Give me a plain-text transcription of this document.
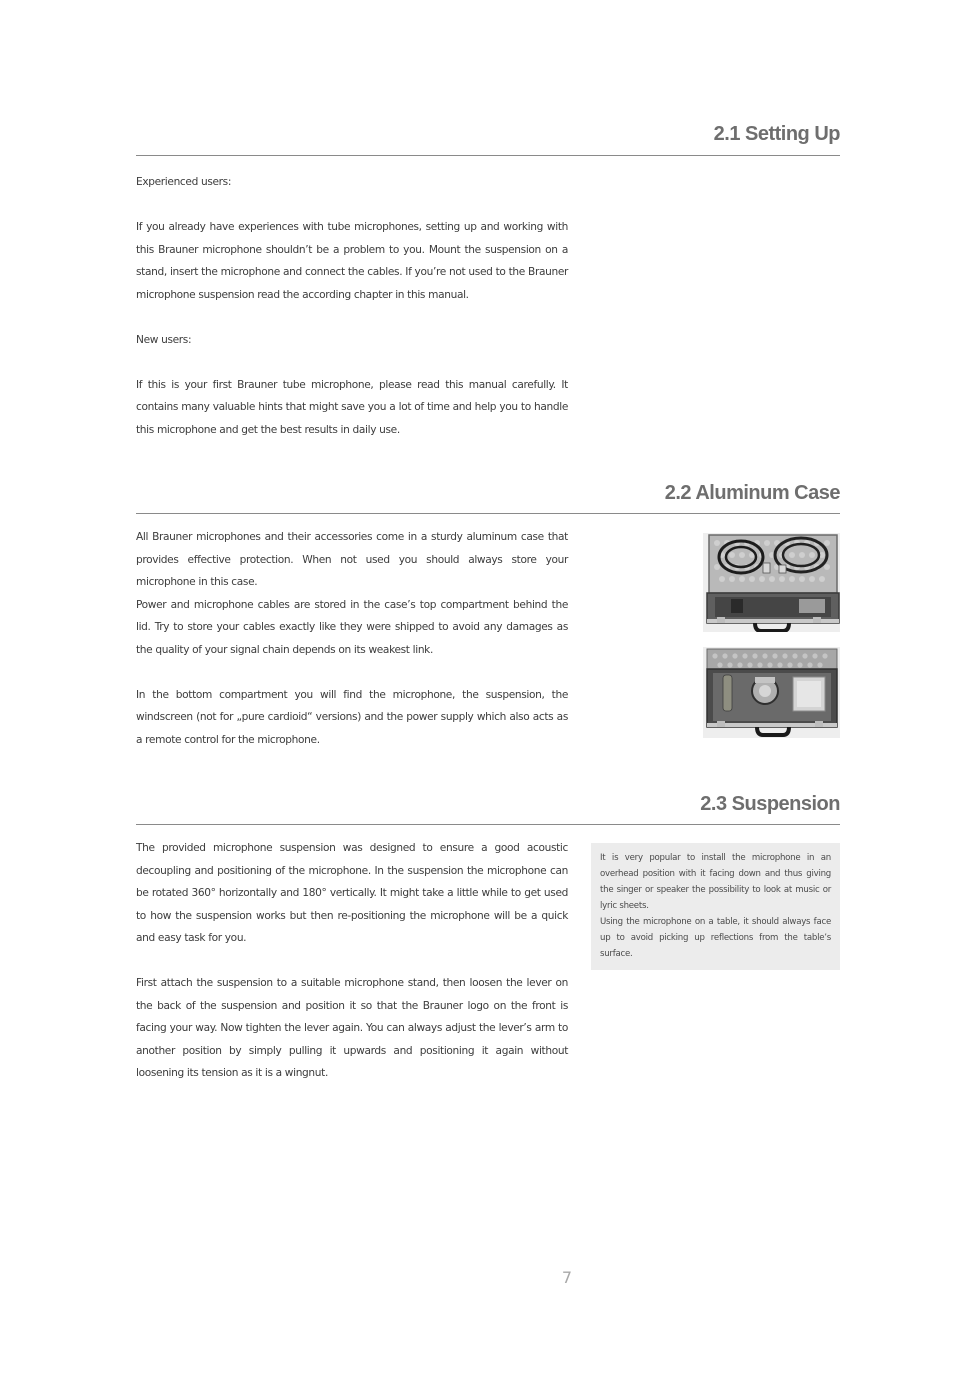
2.1 Setting Up

Experienced users:

If you already have experiences with tube microphones, setting up and working with this Brauner microphone shouldn’t be a problem to you. Mount the suspension on a stand, insert the microphone and connect the cables. If you’re not used to the Brauner microphone suspension read the according chapter in this manual.

New users:

If this is your first Brauner tube microphone, please read this manual carefully. It contains many valuable hints that might save you a lot of time and help you to handle this microphone and get the best results in daily use.

2.2 Aluminum Case

All Brauner microphones and their accessories come in a sturdy aluminum case that provides effective protection. When not used you should always store your microphone in this case.

Power and microphone cables are stored in the case’s top compartment behind the lid. Try to store your cables exactly like they were shipped to avoid any damages as the quality of your signal chain depends on its weakest link.

In the bottom compartment you will find the microphone, the suspension, the windscreen (not for „pure cardioid“ versions) and the power supply which also acts as a remote control for the microphone.

2.3 Suspension

The provided microphone suspension was designed to ensure a good acoustic decoupling and positioning of the microphone. In the suspension the microphone can be rotated 360° horizontally and 180° vertically. It might take a little while to get used to how the suspension works but then re-positioning the microphone will be a quick and easy task for you.

First attach the suspension to a suitable microphone stand, then loosen the lever on the back of the suspension and position it so that the Brauner logo on the front is facing your way. Now tighten the lever again. You can always adjust the lever’s arm to another position by simply pulling it upwards and positioning it again without loosening its tension as it is a wingnut.

It is very popular to install the microphone in an overhead position with it facing down and thus giving the singer or speaker the possibility to look at music or lyric sheets.

Using the microphone on a table, it should always face up to avoid picking up reflections from the table’s surface.

7
